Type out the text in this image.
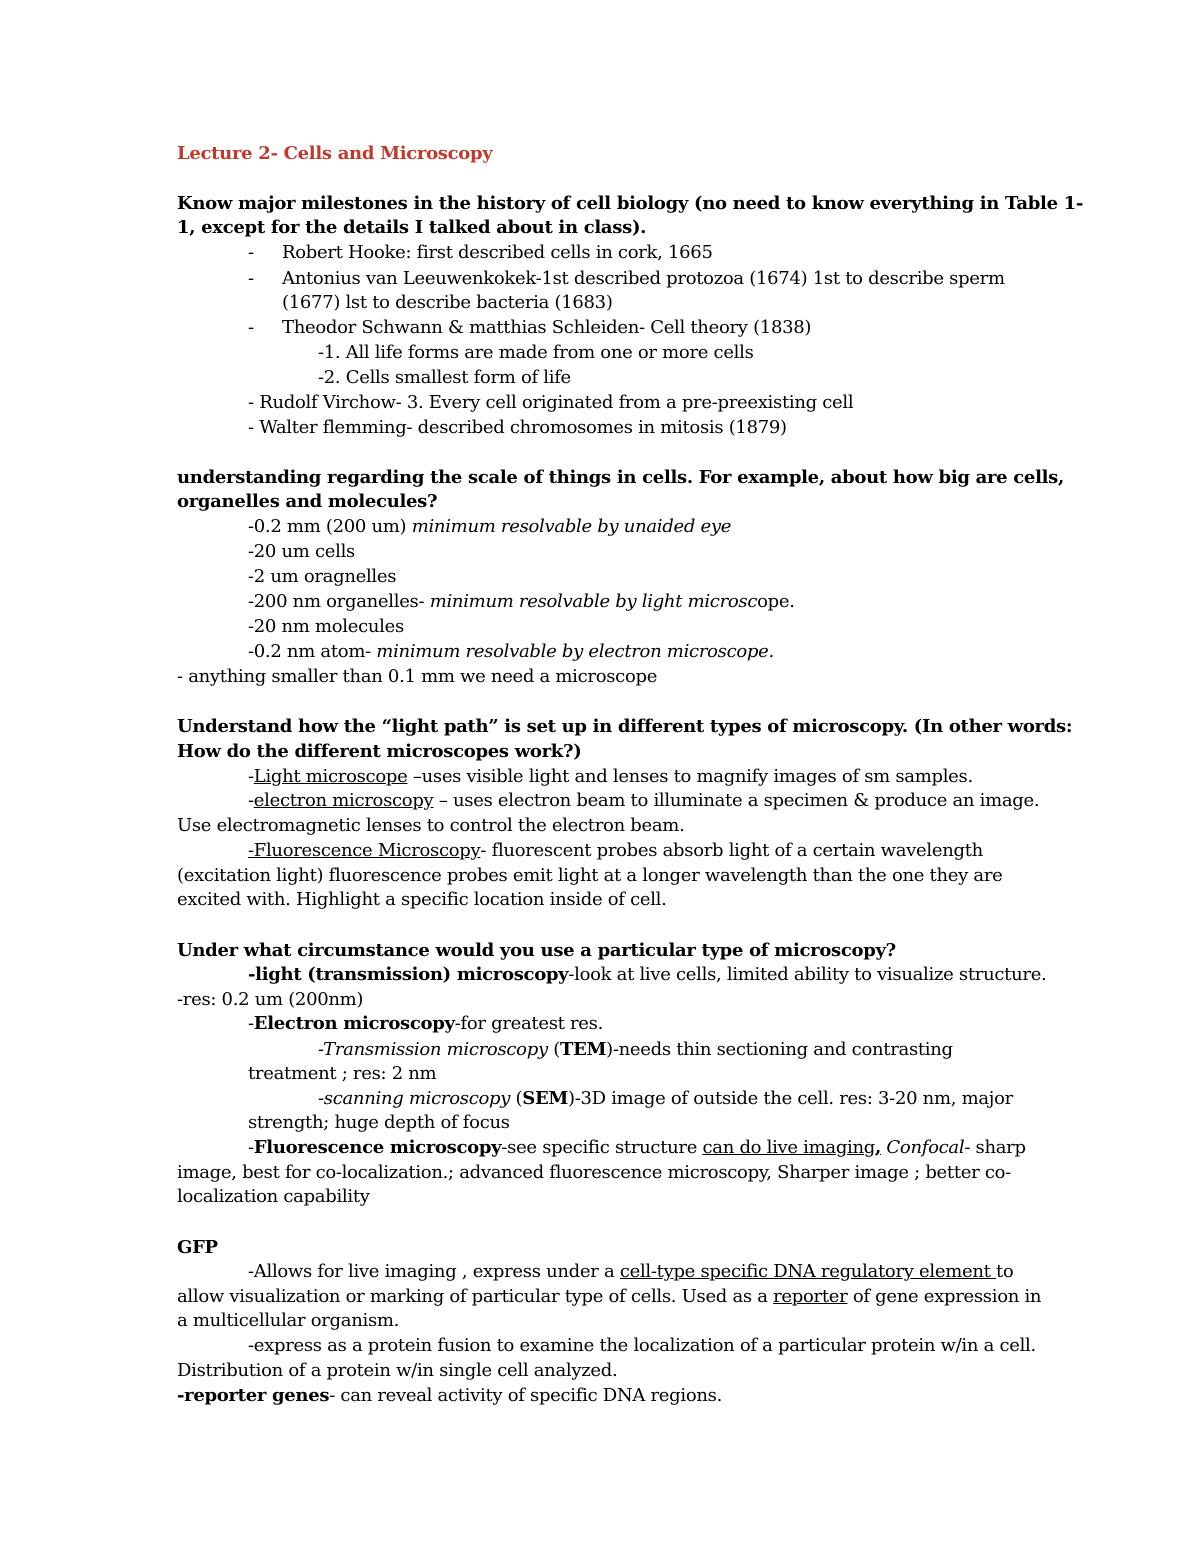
Lecture 2- Cells and Microscopy
Know major milestones in the history of cell biology (no need to know everything in Table 1-
1, except for the details I talked about in class).
- Robert Hooke: first described cells in cork, 1665
- Antonius van Leeuwenkokek-1st described protozoa (1674) 1st to describe sperm
(1677) lst to describe bacteria (1683)
- Theodor Schwann & matthias Schleiden- Cell theory (1838)
-1. All life forms are made from one or more cells
-2. Cells smallest form of life
- Rudolf Virchow- 3. Every cell originated from a pre-preexisting cell
- Walter flemming- described chromosomes in mitosis (1879)
understanding regarding the scale of things in cells. For example, about how big are cells,
organelles and molecules?
-0.2 mm (200 um) minimum resolvable by unaided eye
-20 um cells
-2 um oragnelles
-200 nm organelles- minimum resolvable by light microscope.
-20 nm molecules
-0.2 nm atom- minimum resolvable by electron microscope.
- anything smaller than 0.1 mm we need a microscope
Understand how the “light path” is set up in different types of microscopy. (In other words:
How do the different microscopes work?)
-Light microscope –uses visible light and lenses to magnify images of sm samples.
-electron microscopy – uses electron beam to illuminate a specimen & produce an image.
Use electromagnetic lenses to control the electron beam.
-Fluorescence Microscopy- fluorescent probes absorb light of a certain wavelength
(excitation light) fluorescence probes emit light at a longer wavelength than the one they are
excited with. Highlight a specific location inside of cell.
Under what circumstance would you use a particular type of microscopy?
-light (transmission) microscopy-look at live cells, limited ability to visualize structure.
-res: 0.2 um (200nm)
-Electron microscopy-for greatest res.
-Transmission microscopy (TEM)-needs thin sectioning and contrasting
treatment ; res: 2 nm
-scanning microscopy (SEM)-3D image of outside the cell. res: 3-20 nm, major
strength; huge depth of focus
-Fluorescence microscopy-see specific structure can do live imaging, Confocal- sharp
image, best for co-localization.; advanced fluorescence microscopy, Sharper image ; better co-
localization capability
GFP
-Allows for live imaging , express under a cell-type specific DNA regulatory element to
allow visualization or marking of particular type of cells. Used as a reporter of gene expression in
a multicellular organism.
-express as a protein fusion to examine the localization of a particular protein w/in a cell.
Distribution of a protein w/in single cell analyzed.
-reporter genes- can reveal activity of specific DNA regions.
